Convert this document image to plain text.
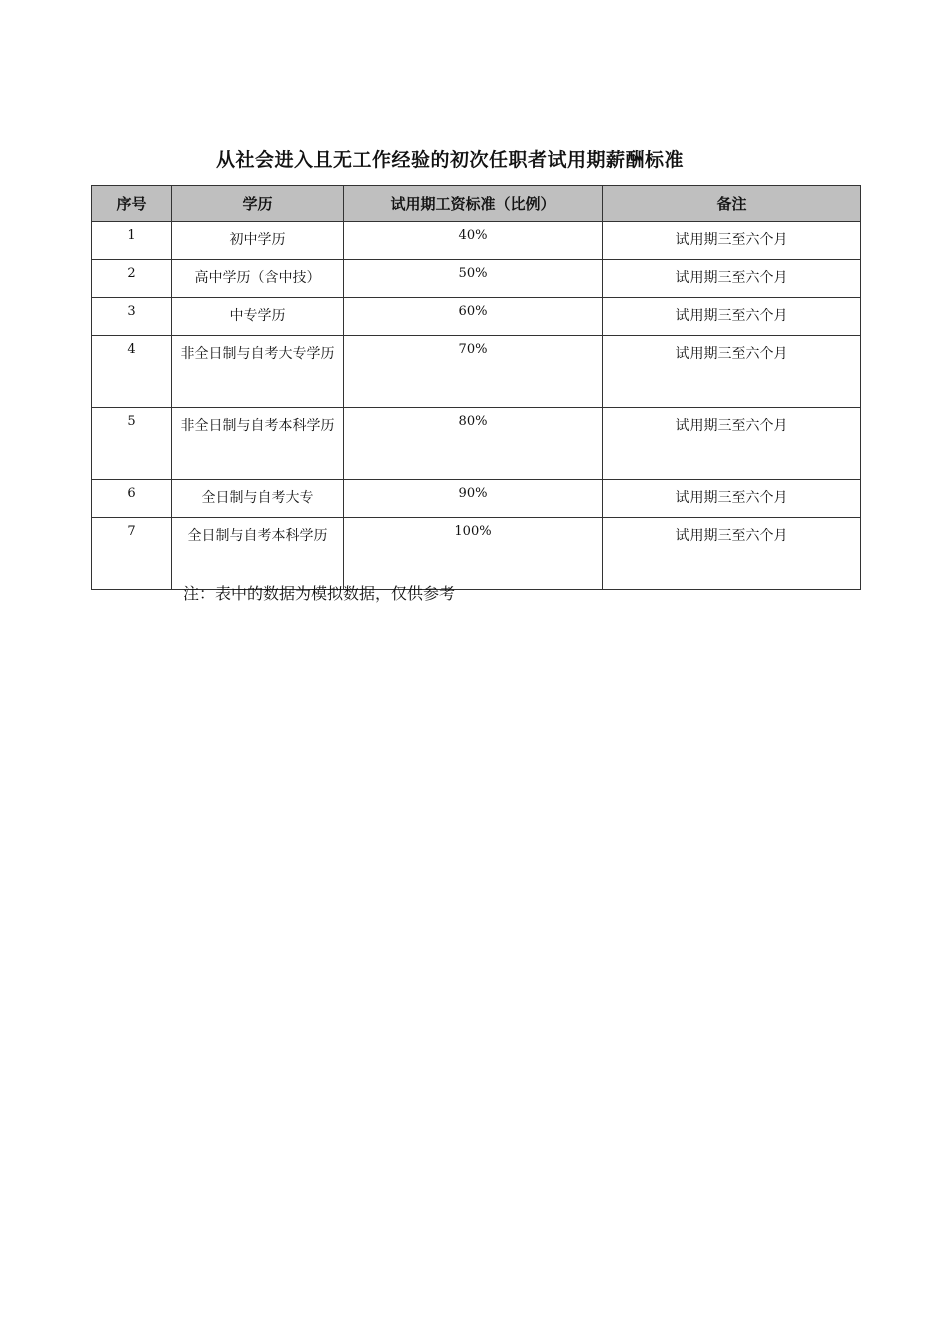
从社会进入且无工作经验的初次任职者试用期薪酬标准
序号	学历	试用期工资标准（比例）	备注
1	初中学历	40%	试用期三至六个月
2	高中学历（含中技）	50%	试用期三至六个月
3	中专学历	60%	试用期三至六个月
4	非全日制与自考大专学历	70%	试用期三至六个月
5	非全日制与自考本科学历	80%	试用期三至六个月
6	全日制与自考大专	90%	试用期三至六个月
7	全日制与自考本科学历	100%	试用期三至六个月
注：表中的数据为模拟数据，仅供参考
